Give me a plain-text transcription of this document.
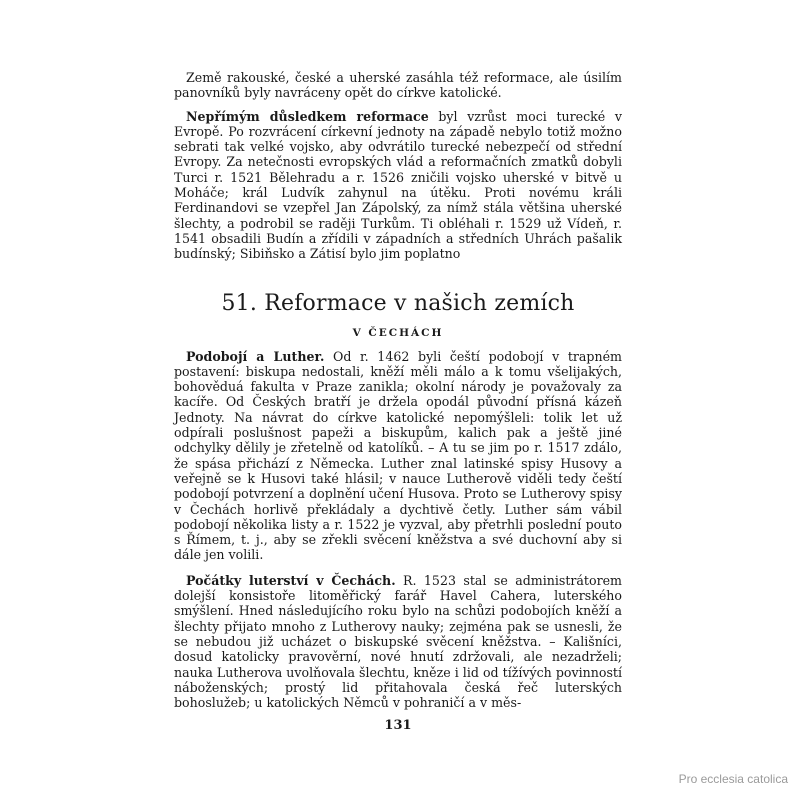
Země rakouské, české a uherské zasáhla též reformace, ale úsilím panovníků byly navráceny opět do církve katolické.

Nepřímým důsledkem reformace byl vzrůst moci turecké v Evropě. Po rozvrácení církevní jednoty na západě nebylo totiž možno sebrati tak velké vojsko, aby odvrátilo turecké nebezpečí od střední Evropy. Za netečnosti evropských vlád a reformačních zmatků dobyli Turci r. 1521 Bělehradu a r. 1526 zničili vojsko uherské v bitvě u Moháče; král Ludvík zahynul na útěku. Proti novému králi Ferdinandovi se vzepřel Jan Zápolský, za nímž stála většina uherské šlechty, a podrobil se raději Turkům. Ti obléhali r. 1529 už Vídeň, r. 1541 obsadili Budín a zřídili v západních a středních Uhrách pašalik budínský; Sibiňsko a Zátisí bylo jim poplatno

51. Reformace v našich zemích
V ČECHÁCH

Podobojí a Luther. Od r. 1462 byli čeští podobojí v trapném postavení: biskupa nedostali, kněží měli málo a k tomu všelijakých, bohověduá fakulta v Praze zanikla; okolní národy je považovaly za kacíře. Od Českých bratří je držela opodál původní přísná kázeň Jednoty. Na návrat do církve katolické nepomýšleli: tolik let už odpírali poslušnost papeži a biskupům, kalich pak a ještě jiné odchylky dělily je zřetelně od katolíků. – A tu se jim po r. 1517 zdálo, že spása přichází z Německa. Luther znal latinské spisy Husovy a veřejně se k Husovi také hlásil; v nauce Lutherově viděli tedy čeští podobojí potvrzení a doplnění učení Husova. Proto se Lutherovy spisy v Čechách horlivě překládaly a dychtivě četly. Luther sám vábil podobojí několika listy a r. 1522 je vyzval, aby přetrhli poslední pouto s Římem, t. j., aby se zřekli svěcení kněžstva a své duchovní aby si dále jen volili.

Počátky luterství v Čechách. R. 1523 stal se administrátorem dolejší konsistoře litoměřický farář Havel Cahera, luterského smýšlení. Hned následujícího roku bylo na schůzi podobojích kněží a šlechty přijato mnoho z Lutherovy nauky; zejména pak se usnesli, že se nebudou již ucházet o biskupské svěcení kněžstva. – Kališníci, dosud katolicky pravověrní, nové hnutí zdržovali, ale nezadrželi; nauka Lutherova uvolňovala šlechtu, kněze i lid od tížívých povinností náboženských; prostý lid přitahovala česká řeč luterských bohoslužeb; u katolických Němců v pohraničí a v měs-

131
Pro ecclesia catolica
